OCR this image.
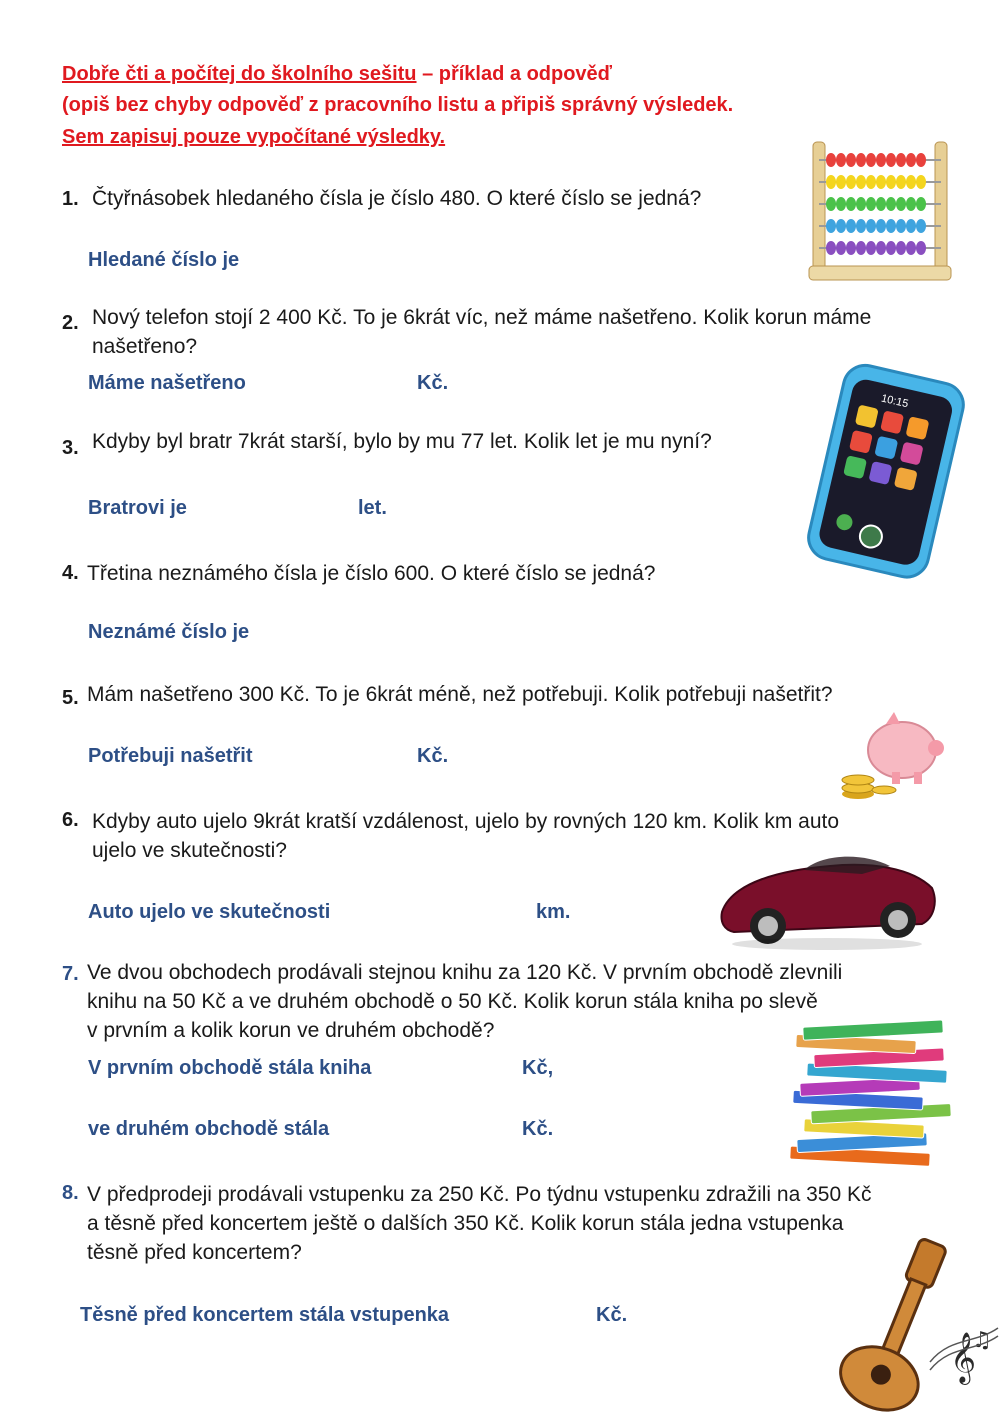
Dobře čti a počítej do školního sešitu – příklad a odpověď
(opiš bez chyby odpověď z pracovního listu a připiš správný výsledek.
Sem zapisuj pouze vypočítané výsledky.
1. Čtyřnásobek hledaného čísla je číslo 480. O které číslo se jedná?
Hledané číslo je
2. Nový telefon stojí 2 400 Kč. To je 6krát víc, než máme našetřeno. Kolik korun máme
našetřeno?
Máme našetřeno	Kč.
3. Kdyby byl bratr 7krát starší, bylo by mu 77 let. Kolik let je mu nyní?
Bratrovi je	let.
4. Třetina neznámého čísla je číslo 600. O které číslo se jedná?
Neznámé číslo je
5. Mám našetřeno 300 Kč. To je 6krát méně, než potřebuji. Kolik potřebuji našetřit?
Potřebuji našetřit	Kč.
6. Kdyby auto ujelo 9krát kratší vzdálenost, ujelo by rovných 120 km. Kolik km auto
ujelo ve skutečnosti?
Auto ujelo ve skutečnosti	km.
7. Ve dvou obchodech prodávali stejnou knihu za 120 Kč. V prvním obchodě zlevnili
knihu na 50 Kč a ve druhém obchodě o 50 Kč. Kolik korun stála kniha po slevě
v prvním a kolik korun ve druhém obchodě?
V prvním obchodě stála kniha	Kč,
ve druhém obchodě stála	Kč.
8. V předprodeji prodávali vstupenku za 250 Kč. Po týdnu vstupenku zdražili na 350 Kč
a těsně před koncertem ještě o dalších 350 Kč. Kolik korun stála jedna vstupenka
těsně před koncertem?
Těsně před koncertem stála vstupenka	Kč.
10:15
𝄞
♫
